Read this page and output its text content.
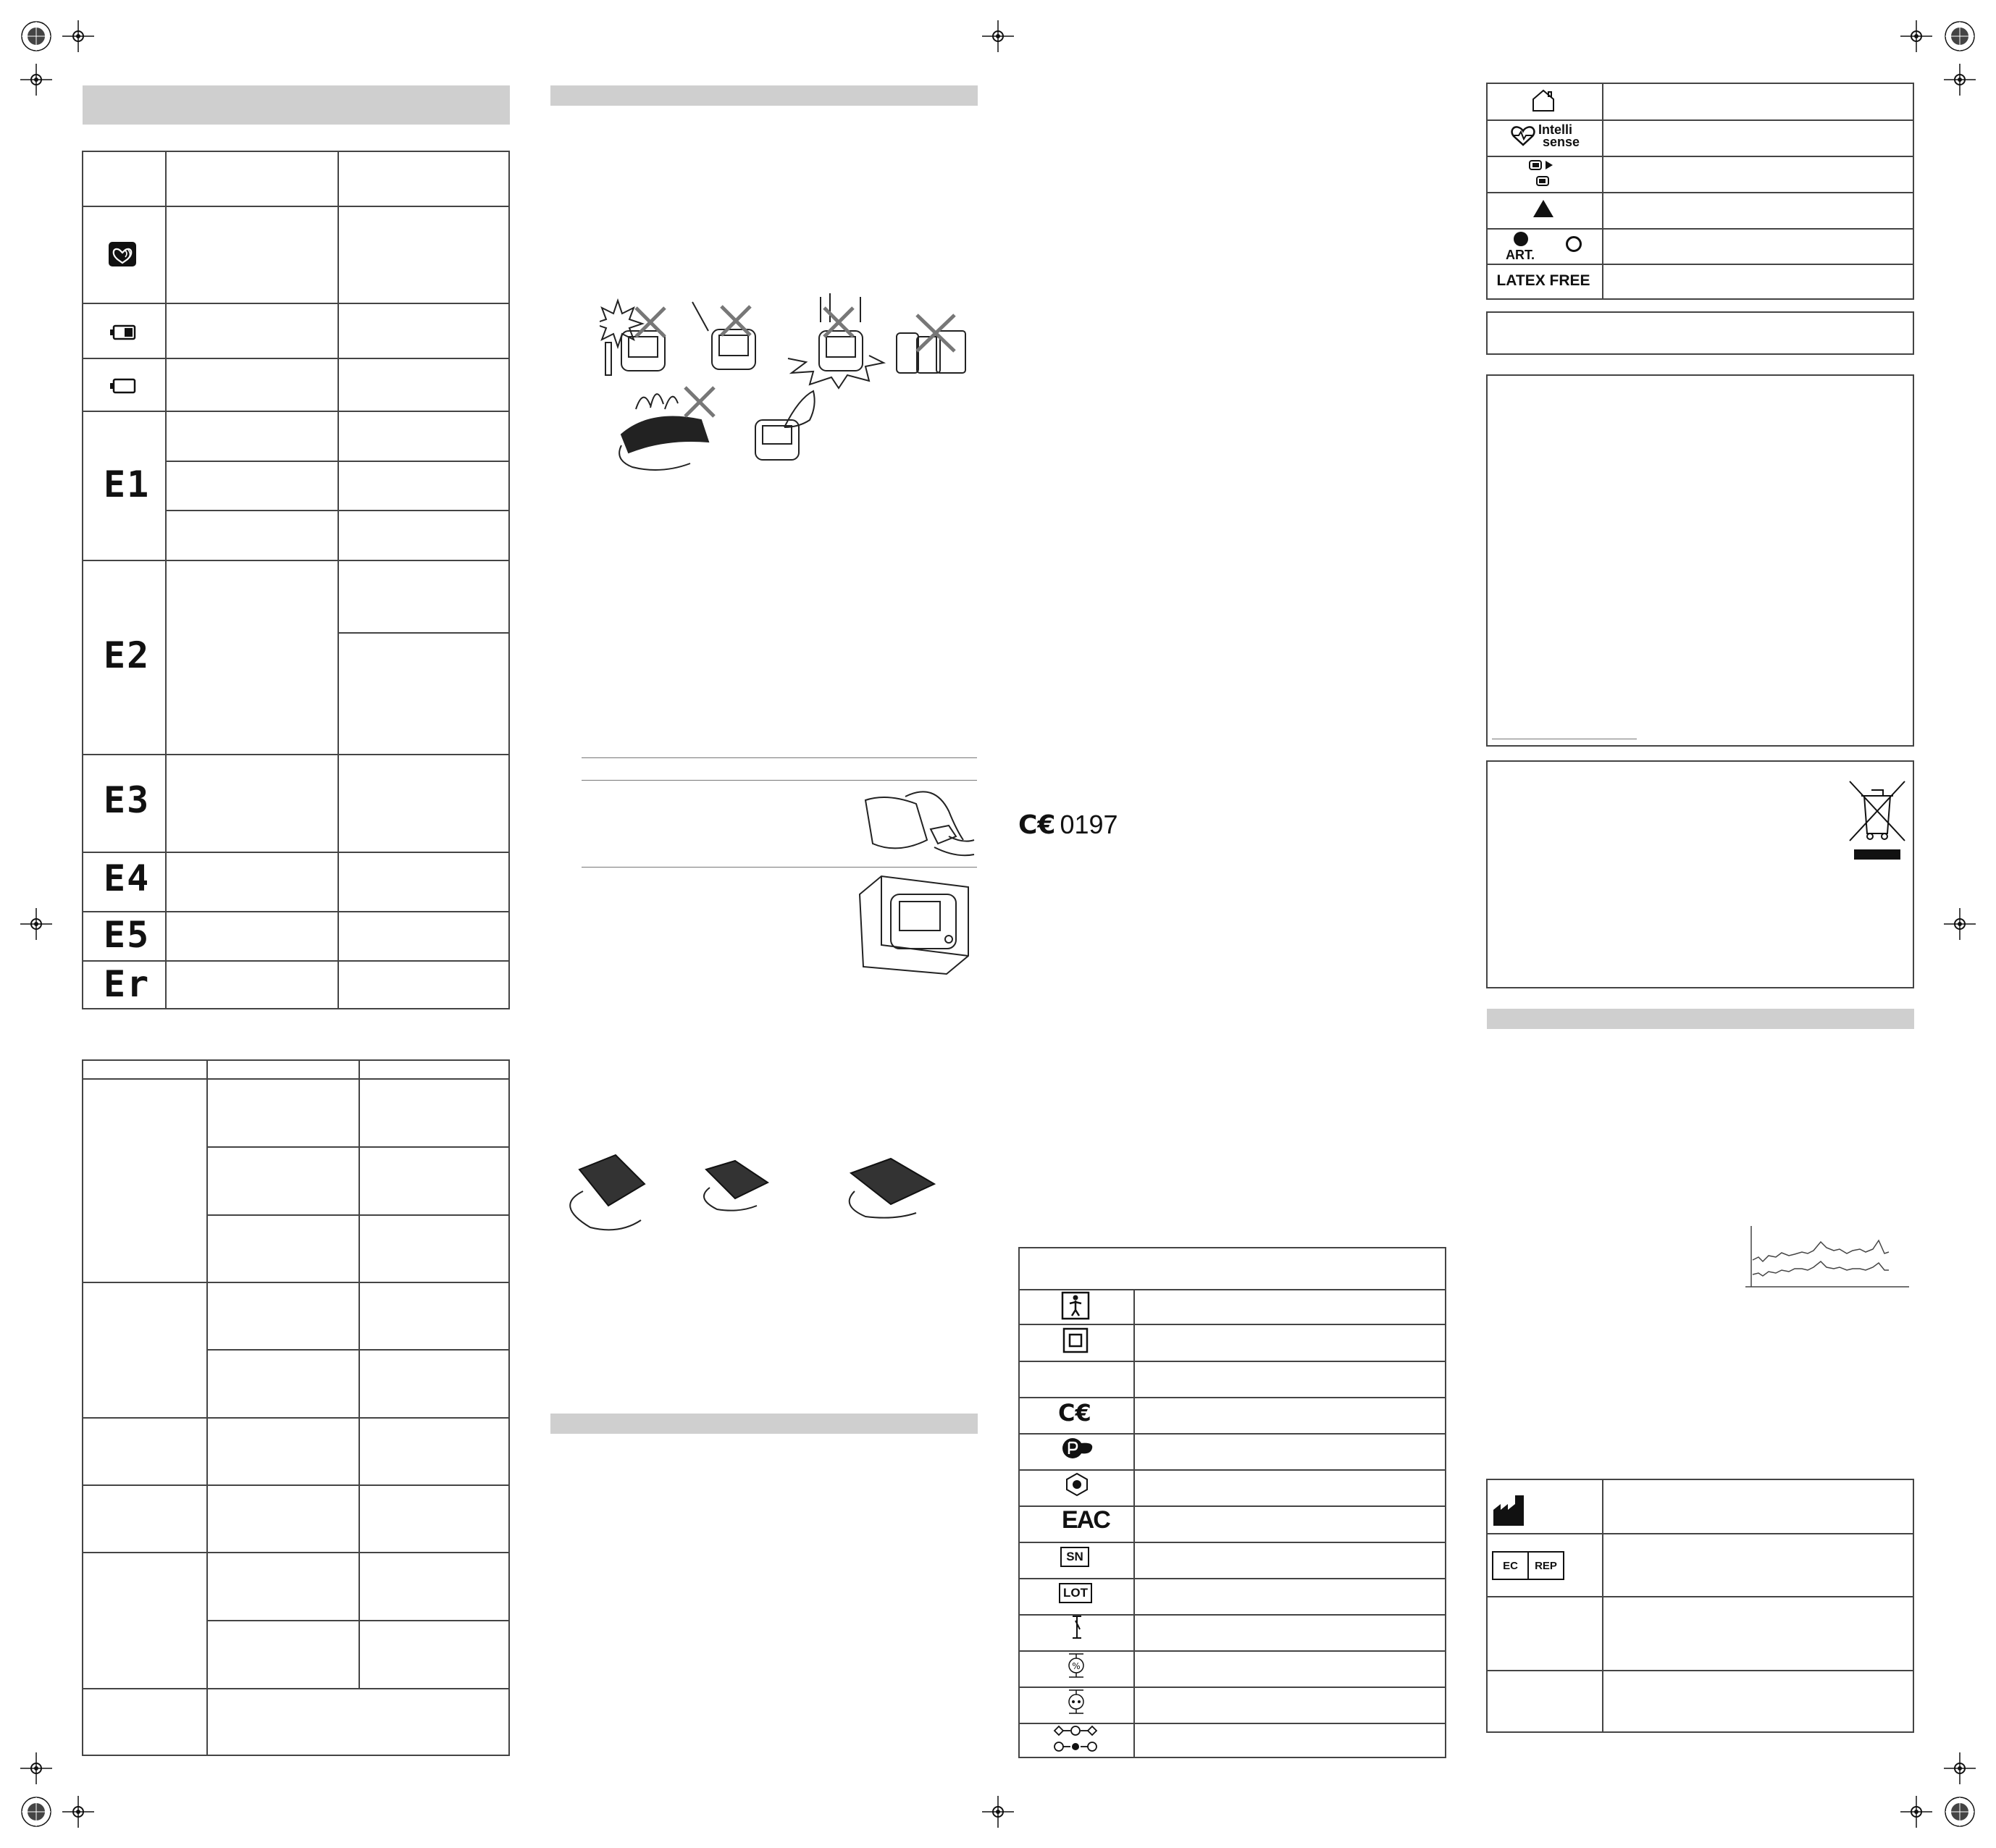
E1
E2
E3
E4
E5
Er
C€ 0197
C€
EAC
SN
LOT
%
Intelli
sense
ART.
LATEX FREE
EC	REP
